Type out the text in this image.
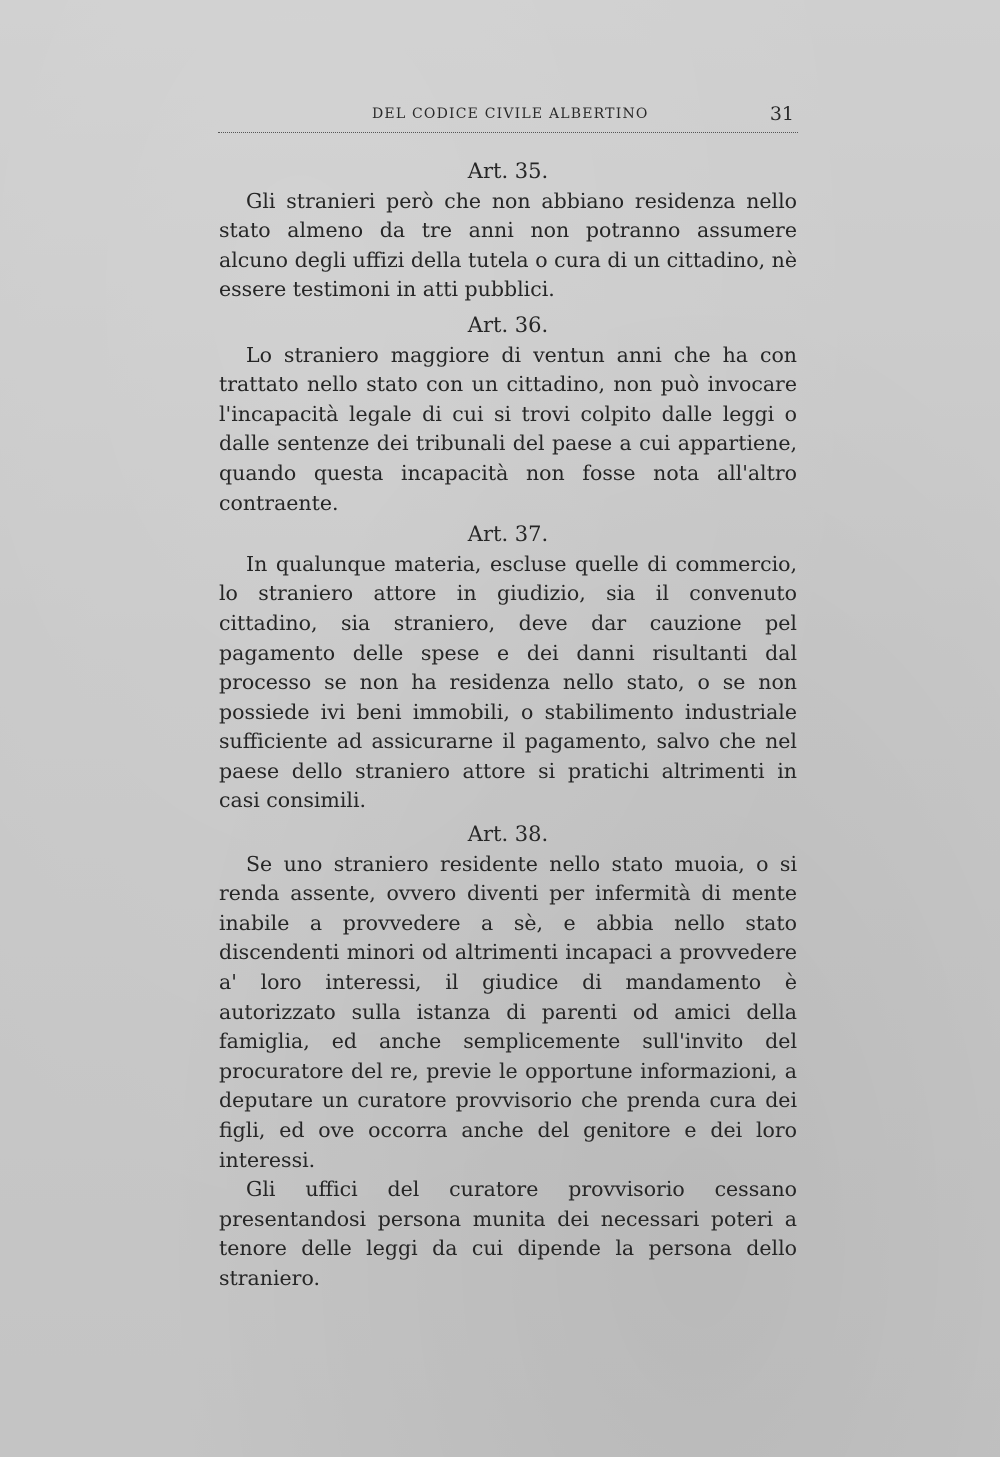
DEL CODICE CIVILE ALBERTINO	31

Art. 35.

Gli stranieri però che non abbiano residenza nello stato almeno da tre anni non potranno assumere alcuno degli uffizi della tutela o cura di un cittadino, nè essere testimoni in atti pubblici.

Art. 36.

Lo straniero maggiore di ventun anni che ha con trattato nello stato con un cittadino, non può invocare l'incapacità legale di cui si trovi colpito dalle leggi o dalle sentenze dei tribunali del paese a cui appartiene, quando questa incapacità non fosse nota all'altro contraente.

Art. 37.

In qualunque materia, escluse quelle di commercio, lo straniero attore in giudizio, sia il convenuto cittadino, sia straniero, deve dar cauzione pel pagamento delle spese e dei danni risultanti dal processo se non ha residenza nello stato, o se non possiede ivi beni immobili, o stabilimento industriale sufficiente ad assicurarne il pagamento, salvo che nel paese dello straniero attore si pratichi altrimenti in casi consimili.

Art. 38.

Se uno straniero residente nello stato muoia, o si renda assente, ovvero diventi per infermità di mente inabile a provvedere a sè, e abbia nello stato discendenti minori od altrimenti incapaci a provvedere a' loro interessi, il giudice di mandamento è autorizzato sulla istanza di parenti od amici della famiglia, ed anche semplicemente sull'invito del procuratore del re, previe le opportune informazioni, a deputare un curatore provvisorio che prenda cura dei figli, ed ove occorra anche del genitore e dei loro interessi.

Gli uffici del curatore provvisorio cessano presentandosi persona munita dei necessari poteri a tenore delle leggi da cui dipende la persona dello straniero.
